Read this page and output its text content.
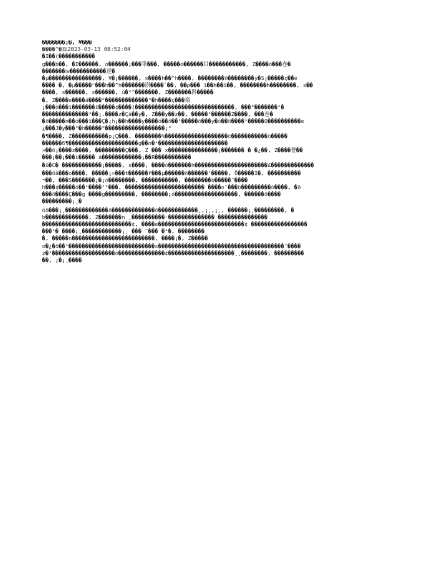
�������¡�, ¥���
����^�郄2023-03-13 08:52:04
�I��(�����������
g���b��, �I������, o������¡���筆���, �����o������目�����������, Z����ó���巻�
�������ⅳ�����������逆�
�µ����������������, ¥�¡������, s����h��^h����, ��������ö��������y�S¡�����ç��e
���� �, �µ�����ⁿ���h��^h�������斟����ˆ��, ��p��� ï��h��ï��, ��������h��������, s��
����, s������, s������, ú�²^�������, Z�������斟�����
�, Z����e����ä����⁰�������������⁶�h����ç���楽
¡���ò���ï�������ï�����¢����(������������������������������, ���⁰�������ⁱ�
��������������¹��¡.����z�Çà��y�, Z���y��z��, �����ⁱ������Z����, ���巻�
�ö�����n��ó���ï���Ç�¡h¡��h����y����ó��ö��ⁱ�����ö���y�ó��ö����ⁱ�����O����������e
¿���J�y���²�h�����⁰������������������¡°
�¶����, Z�����������p¡Ç���, ��������%�������������������©�����������ò�����
������6¶���������������������g��n�ⁱ���������������������
»��ö¡����z����, ���������Ç���, Z ��� x���������������¡������� � �¿��, Z����쨭��
���¡��¡���i����� ä������������¡��R�����������
�û�C� ������������¡�����, s����, ����ó�������h����������������������£�������������
���öâ���o����, �����¡»���t������f���µ������ö������'�����, Ö�����I�, ����������
¬��, ���S�������¡�¡ó��������, �����������, ��������b�����¨����
h���¢�����ó��ⁱ����'ⁱ���, ������������������������ ����o¨���b���������ò����, �ö
���ö����Ç���g ����g���������, ��������¡ó�������������������, ������ö����
���������¡¸�
óö���¡¸�������������ö�������������ö������������¸,¡¸,¡¸, ������¡¸���������, �
b�������������, Z�������n ¸����������·�������������� ���������������
���������������������������¢, ����e��������������������������¢ �����������������
���ⁱ� ����¡¸������������¡¸ ��� ¨��� �¹�, ��������
�, �����n�������������������������, ����¡�, Z�����
o�¿�ö��ⁱ��������������������������s��������������������������������������¨����
z�ⁱ�������������������ó��������������¢��������������������¸¸��������, ���������
��, ¡�¡¸����
